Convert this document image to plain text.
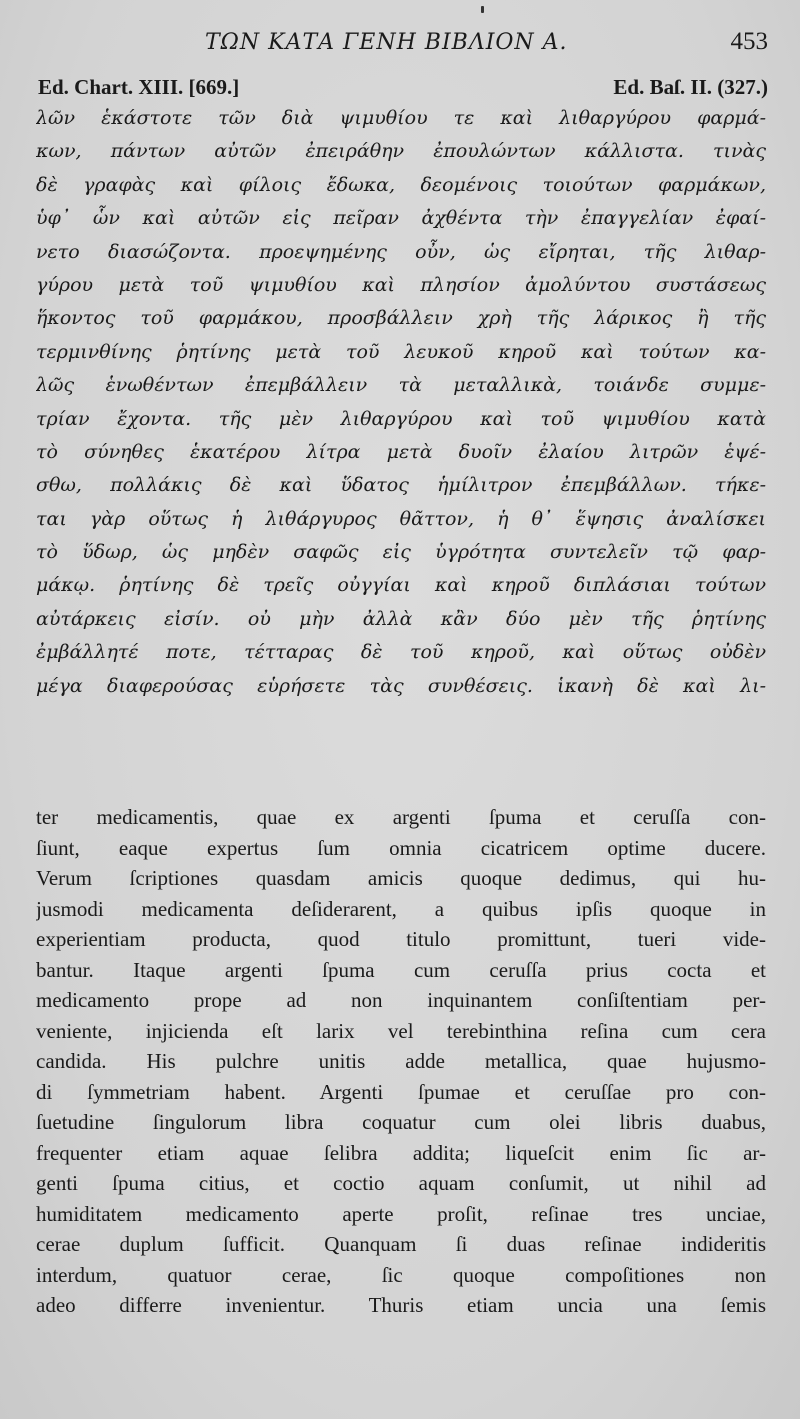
ΤΩΝ ΚΑΤΑ ΓΕΝΗ ΒΙΒΛΙΟΝ Α.	453
Ed. Chart. XIII. [669.]	Ed. Baſ. II. (327.)
λῶν ἑκάστοτε τῶν διὰ ψιμυθίου τε καὶ λιθαργύρου φαρμά-
κων, πάντων αὐτῶν ἐπειράθην ἐπουλώντων κάλλιστα. τινὰς
δὲ γραφὰς καὶ φίλοις ἔδωκα, δεομένοις τοιούτων φαρμάκων,
ὑφ᾽ ὧν καὶ αὐτῶν εἰς πεῖραν ἀχθέντα τὴν ἐπαγγελίαν ἐφαί-
νετο διασώζοντα. προεψημένης οὖν, ὡς εἴρηται, τῆς λιθαρ-
γύρου μετὰ τοῦ ψιμυθίου καὶ πλησίον ἀμολύντου συστάσεως
ἥκοντος τοῦ φαρμάκου, προσβάλλειν χρὴ τῆς λάρικος ἢ τῆς
τερμινθίνης ῥητίνης μετὰ τοῦ λευκοῦ κηροῦ καὶ τούτων κα-
λῶς ἑνωθέντων ἐπεμβάλλειν τὰ μεταλλικὰ, τοιάνδε συμμε-
τρίαν ἔχοντα. τῆς μὲν λιθαργύρου καὶ τοῦ ψιμυθίου κατὰ
τὸ σύνηθες ἑκατέρου λίτρα μετὰ δυοῖν ἐλαίου λιτρῶν ἑψέ-
σθω, πολλάκις δὲ καὶ ὕδατος ἡμίλιτρον ἐπεμβάλλων. τήκε-
ται γὰρ οὕτως ἡ λιθάργυρος θᾶττον, ἡ θ᾽ ἕψησις ἀναλίσκει
τὸ ὕδωρ, ὡς μηδὲν σαφῶς εἰς ὑγρότητα συντελεῖν τῷ φαρ-
μάκῳ. ῥητίνης δὲ τρεῖς οὐγγίαι καὶ κηροῦ διπλάσιαι τούτων
αὐτάρκεις εἰσίν. οὐ μὴν ἀλλὰ κἂν δύο μὲν τῆς ῥητίνης
ἐμβάλλητέ ποτε, τέτταρας δὲ τοῦ κηροῦ, καὶ οὕτως οὐδὲν
μέγα διαφερούσας εὑρήσετε τὰς συνθέσεις. ἱκανὴ δὲ καὶ λι-
ter medicamentis, quae ex argenti ſpuma et ceruſſa con-
ſiunt, eaque expertus ſum omnia cicatricem optime ducere.
Verum ſcriptiones quasdam amicis quoque dedimus, qui hu-
jusmodi medicamenta deſiderarent, a quibus ipſis quoque in
experientiam producta, quod titulo promittunt, tueri vide-
bantur. Itaque argenti ſpuma cum ceruſſa prius cocta et
medicamento prope ad non inquinantem conſiſtentiam per-
veniente, injicienda eſt larix vel terebinthina reſina cum cera
candida. His pulchre unitis adde metallica, quae hujusmo-
di ſymmetriam habent. Argenti ſpumae et ceruſſae pro con-
ſuetudine ſingulorum libra coquatur cum olei libris duabus,
frequenter etiam aquae ſelibra addita; liqueſcit enim ſic ar-
genti ſpuma citius, et coctio aquam conſumit, ut nihil ad
humiditatem medicamento aperte proſit, reſinae tres unciae,
cerae duplum ſufficit. Quanquam ſi duas reſinae indideritis
interdum, quatuor cerae, ſic quoque compoſitiones non
adeo differre invenientur. Thuris etiam uncia una ſemis
